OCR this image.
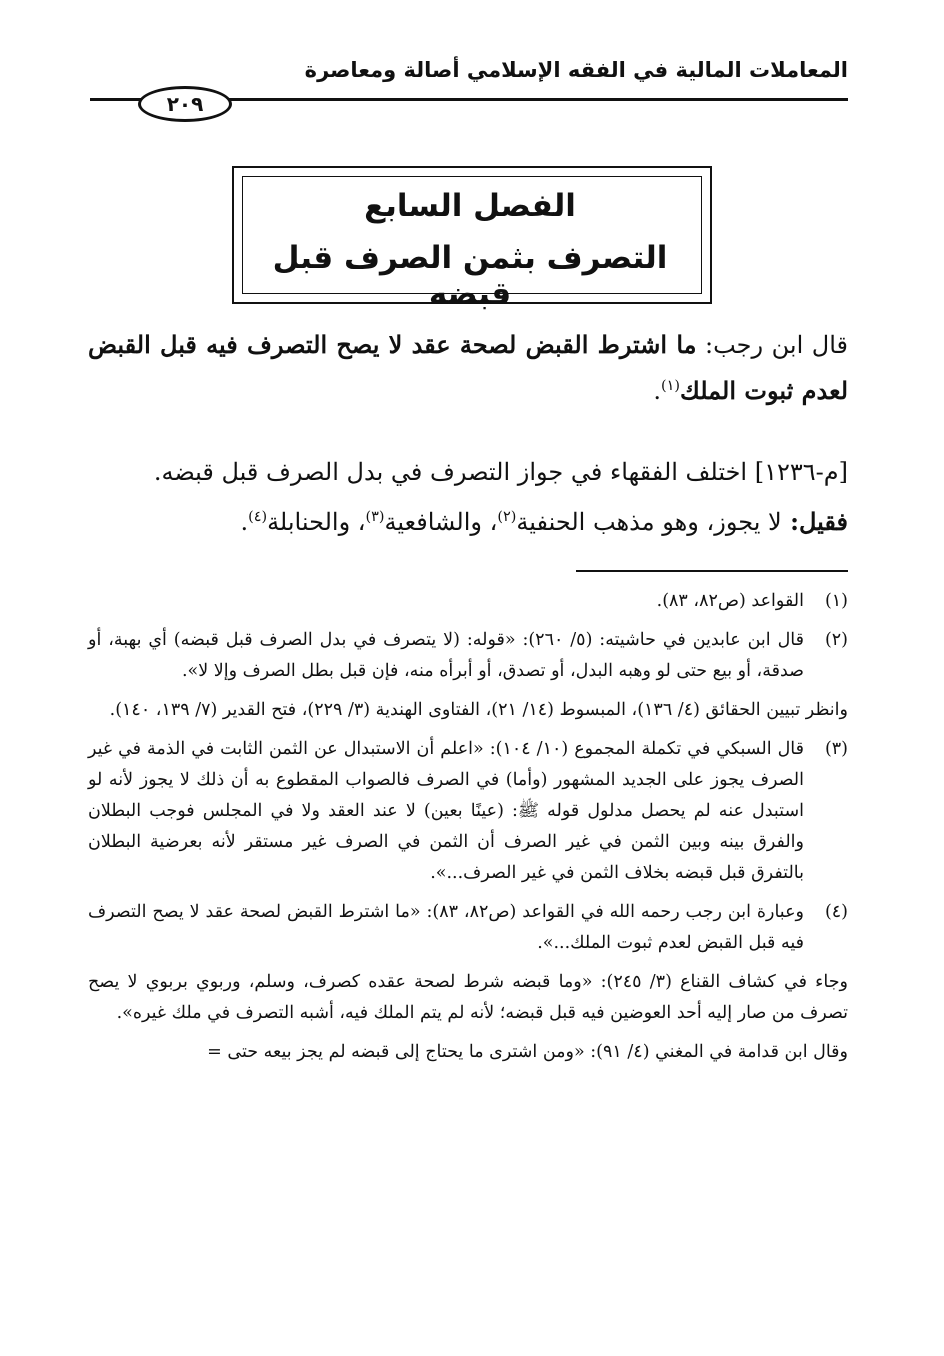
المعاملات المالية في الفقه الإسلامي أصالة ومعاصرة
٢٠٩
الفصل السابع
التصرف بثمن الصرف قبل قبضه
قال ابن رجب: ما اشترط القبض لصحة عقد لا يصح التصرف فيه قبل القبض لعدم ثبوت الملك$^{(١)}$.
[م-١٢٣٦] اختلف الفقهاء في جواز التصرف في بدل الصرف قبل قبضه.
فقيل: لا يجوز، وهو مذهب الحنفية$^{(٢)}$، والشافعية$^{(٣)}$، والحنابلة$^{(٤)}$.
(١)
القواعد (ص٨٢، ٨٣).
(٢)
قال ابن عابدين في حاشيته: (٥/ ٢٦٠): «قوله: (لا يتصرف في بدل الصرف قبل قبضه) أي بهبة، أو صدقة، أو بيع حتى لو وهبه البدل، أو تصدق، أو أبرأه منه، فإن قبل بطل الصرف وإلا لا».
وانظر تبيين الحقائق (٤/ ١٣٦)، المبسوط (١٤/ ٢١)، الفتاوى الهندية (٣/ ٢٢٩)، فتح القدير (٧/ ١٣٩، ١٤٠).
(٣)
قال السبكي في تكملة المجموع (١٠/ ١٠٤): «اعلم أن الاستبدال عن الثمن الثابت في الذمة في غير الصرف يجوز على الجديد المشهور (وأما) في الصرف فالصواب المقطوع به أن ذلك لا يجوز لأنه لو استبدل عنه لم يحصل مدلول قوله ﷺ: (عينًا بعين) لا عند العقد ولا في المجلس فوجب البطلان والفرق بينه وبين الثمن في غير الصرف أن الثمن في الصرف غير مستقر لأنه بعرضية البطلان بالتفرق قبل قبضه بخلاف الثمن في غير الصرف...».
(٤)
وعبارة ابن رجب رحمه الله في القواعد (ص٨٢، ٨٣): «ما اشترط القبض لصحة عقد لا يصح التصرف فيه قبل القبض لعدم ثبوت الملك...».
وجاء في كشاف القناع (٣/ ٢٤٥): «وما قبضه شرط لصحة عقده كصرف، وسلم، وربوي بربوي لا يصح تصرف من صار إليه أحد العوضين فيه قبل قبضه؛ لأنه لم يتم الملك فيه، أشبه التصرف في ملك غيره».
وقال ابن قدامة في المغني (٤/ ٩١): «ومن اشترى ما يحتاج إلى قبضه لم يجز بيعه حتى =
